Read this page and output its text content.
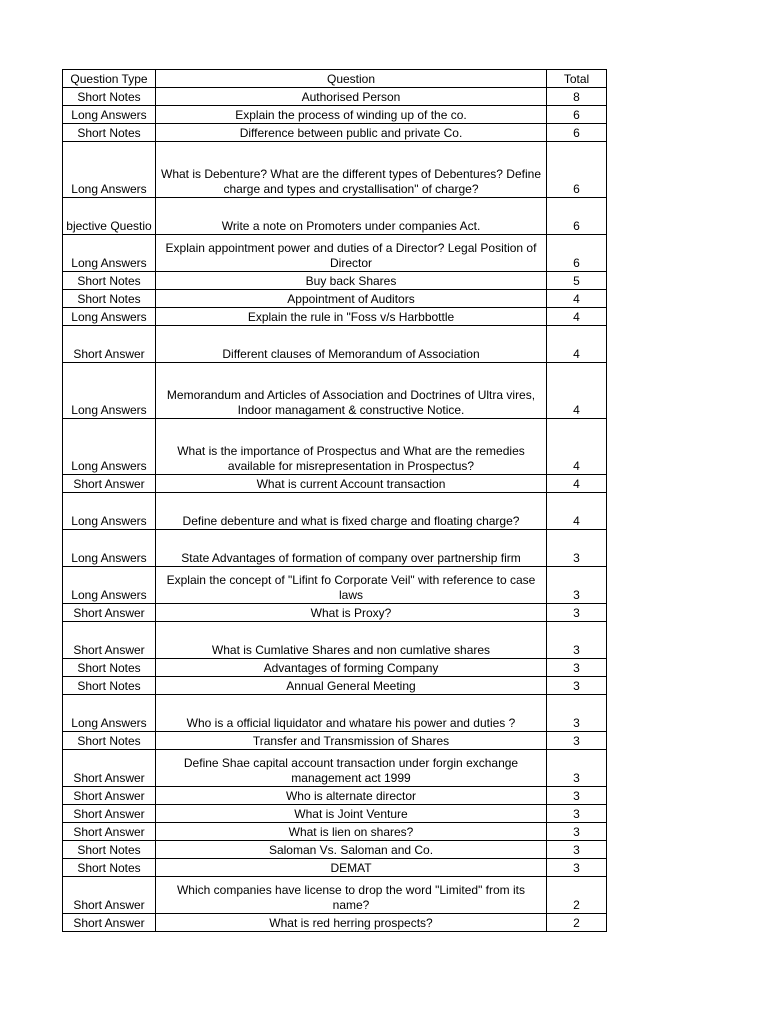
Question Type	Question	Total
Short Notes	Authorised Person	8
Long Answers	Explain the process of winding up of the co.	6
Short Notes	Difference between public and private Co.	6
Long Answers	What is Debenture? What are the different types of Debentures? Define charge and types and crystallisation" of charge?	6
bjective Questio	Write a note on Promoters under companies Act.	6
Long Answers	Explain appointment power and duties of a Director? Legal Position of Director	6
Short Notes	Buy back Shares	5
Short Notes	Appointment of Auditors	4
Long Answers	Explain the rule in "Foss v/s Harbbottle	4
Short Answer	Different clauses of Memorandum of Association	4
Long Answers	Memorandum and Articles of Association and Doctrines of Ultra vires, Indoor managament & constructive Notice.	4
Long Answers	What is the importance of Prospectus and What are the remedies available for misrepresentation in Prospectus?	4
Short Answer	What is current Account transaction	4
Long Answers	Define debenture and what is fixed charge and floating charge?	4
Long Answers	State Advantages of formation of company over partnership firm	3
Long Answers	Explain the concept of "Lifint fo Corporate Veil" with reference to case laws	3
Short Answer	What is Proxy?	3
Short Answer	What is Cumlative Shares and non cumlative shares	3
Short Notes	Advantages of forming Company	3
Short Notes	Annual General Meeting	3
Long Answers	Who is a official liquidator and whatare his power and duties ?	3
Short Notes	Transfer and Transmission of Shares	3
Short Answer	Define Shae capital account transaction under forgin exchange management act 1999	3
Short Answer	Who is alternate director	3
Short Answer	What is Joint Venture	3
Short Answer	What is lien on shares?	3
Short Notes	Saloman Vs. Saloman and Co.	3
Short Notes	DEMAT	3
Short Answer	Which companies have license to drop the word "Limited" from its name?	2
Short Answer	What is red herring prospects?	2
